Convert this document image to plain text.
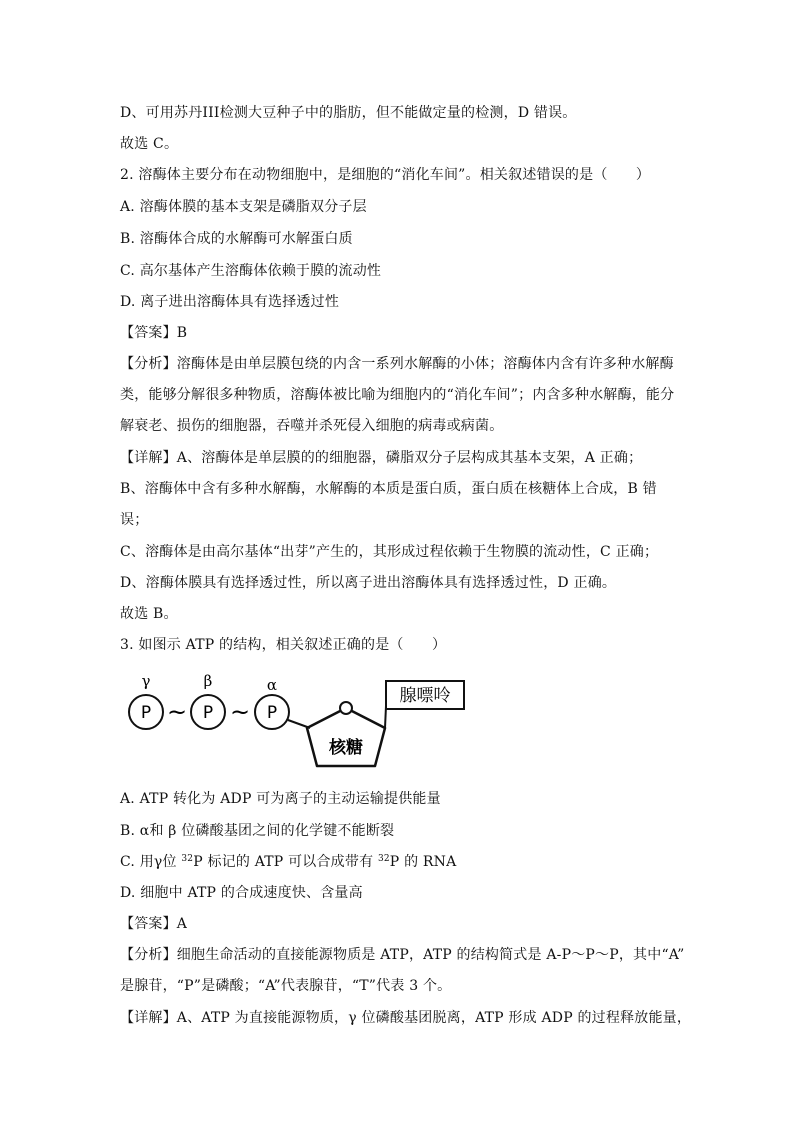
D、可用苏丹III检测大豆种子中的脂肪，但不能做定量的检测，D 错误。
故选 C。
2. 溶酶体主要分布在动物细胞中，是细胞的“消化车间”。相关叙述错误的是（　　）
A. 溶酶体膜的基本支架是磷脂双分子层
B. 溶酶体合成的水解酶可水解蛋白质
C. 高尔基体产生溶酶体依赖于膜的流动性
D. 离子进出溶酶体具有选择透过性
【答案】B
【分析】溶酶体是由单层膜包绕的内含一系列水解酶的小体；溶酶体内含有许多种水解酶
类，能够分解很多种物质，溶酶体被比喻为细胞内的“消化车间”；内含多种水解酶，能分
解衰老、损伤的细胞器，吞噬并杀死侵入细胞的病毒或病菌。
【详解】A、溶酶体是单层膜的的细胞器，磷脂双分子层构成其基本支架，A 正确；
B、溶酶体中含有多种水解酶，水解酶的本质是蛋白质，蛋白质在核糖体上合成，B 错
误；
C、溶酶体是由高尔基体“出芽”产生的，其形成过程依赖于生物膜的流动性，C 正确；
D、溶酶体膜具有选择透过性，所以离子进出溶酶体具有选择透过性，D 正确。
故选 B。
3. 如图示 ATP 的结构，相关叙述正确的是（　　）
γ	β	α
P ~ P ~ P
核糖
腺嘌呤
A. ATP 转化为 ADP 可为离子的主动运输提供能量
B. α和 β 位磷酸基团之间的化学键不能断裂
C. 用γ位 $^{32}$P 标记的 ATP 可以合成带有 $^{32}$P 的 RNA
D. 细胞中 ATP 的合成速度快、含量高
【答案】A
【分析】细胞生命活动的直接能源物质是 ATP，ATP 的结构简式是 A-P～P～P，其中“A”
是腺苷，“P”是磷酸；“A”代表腺苷，“T”代表 3 个。
【详解】A、ATP 为直接能源物质，γ 位磷酸基团脱离，ATP 形成 ADP 的过程释放能量，
